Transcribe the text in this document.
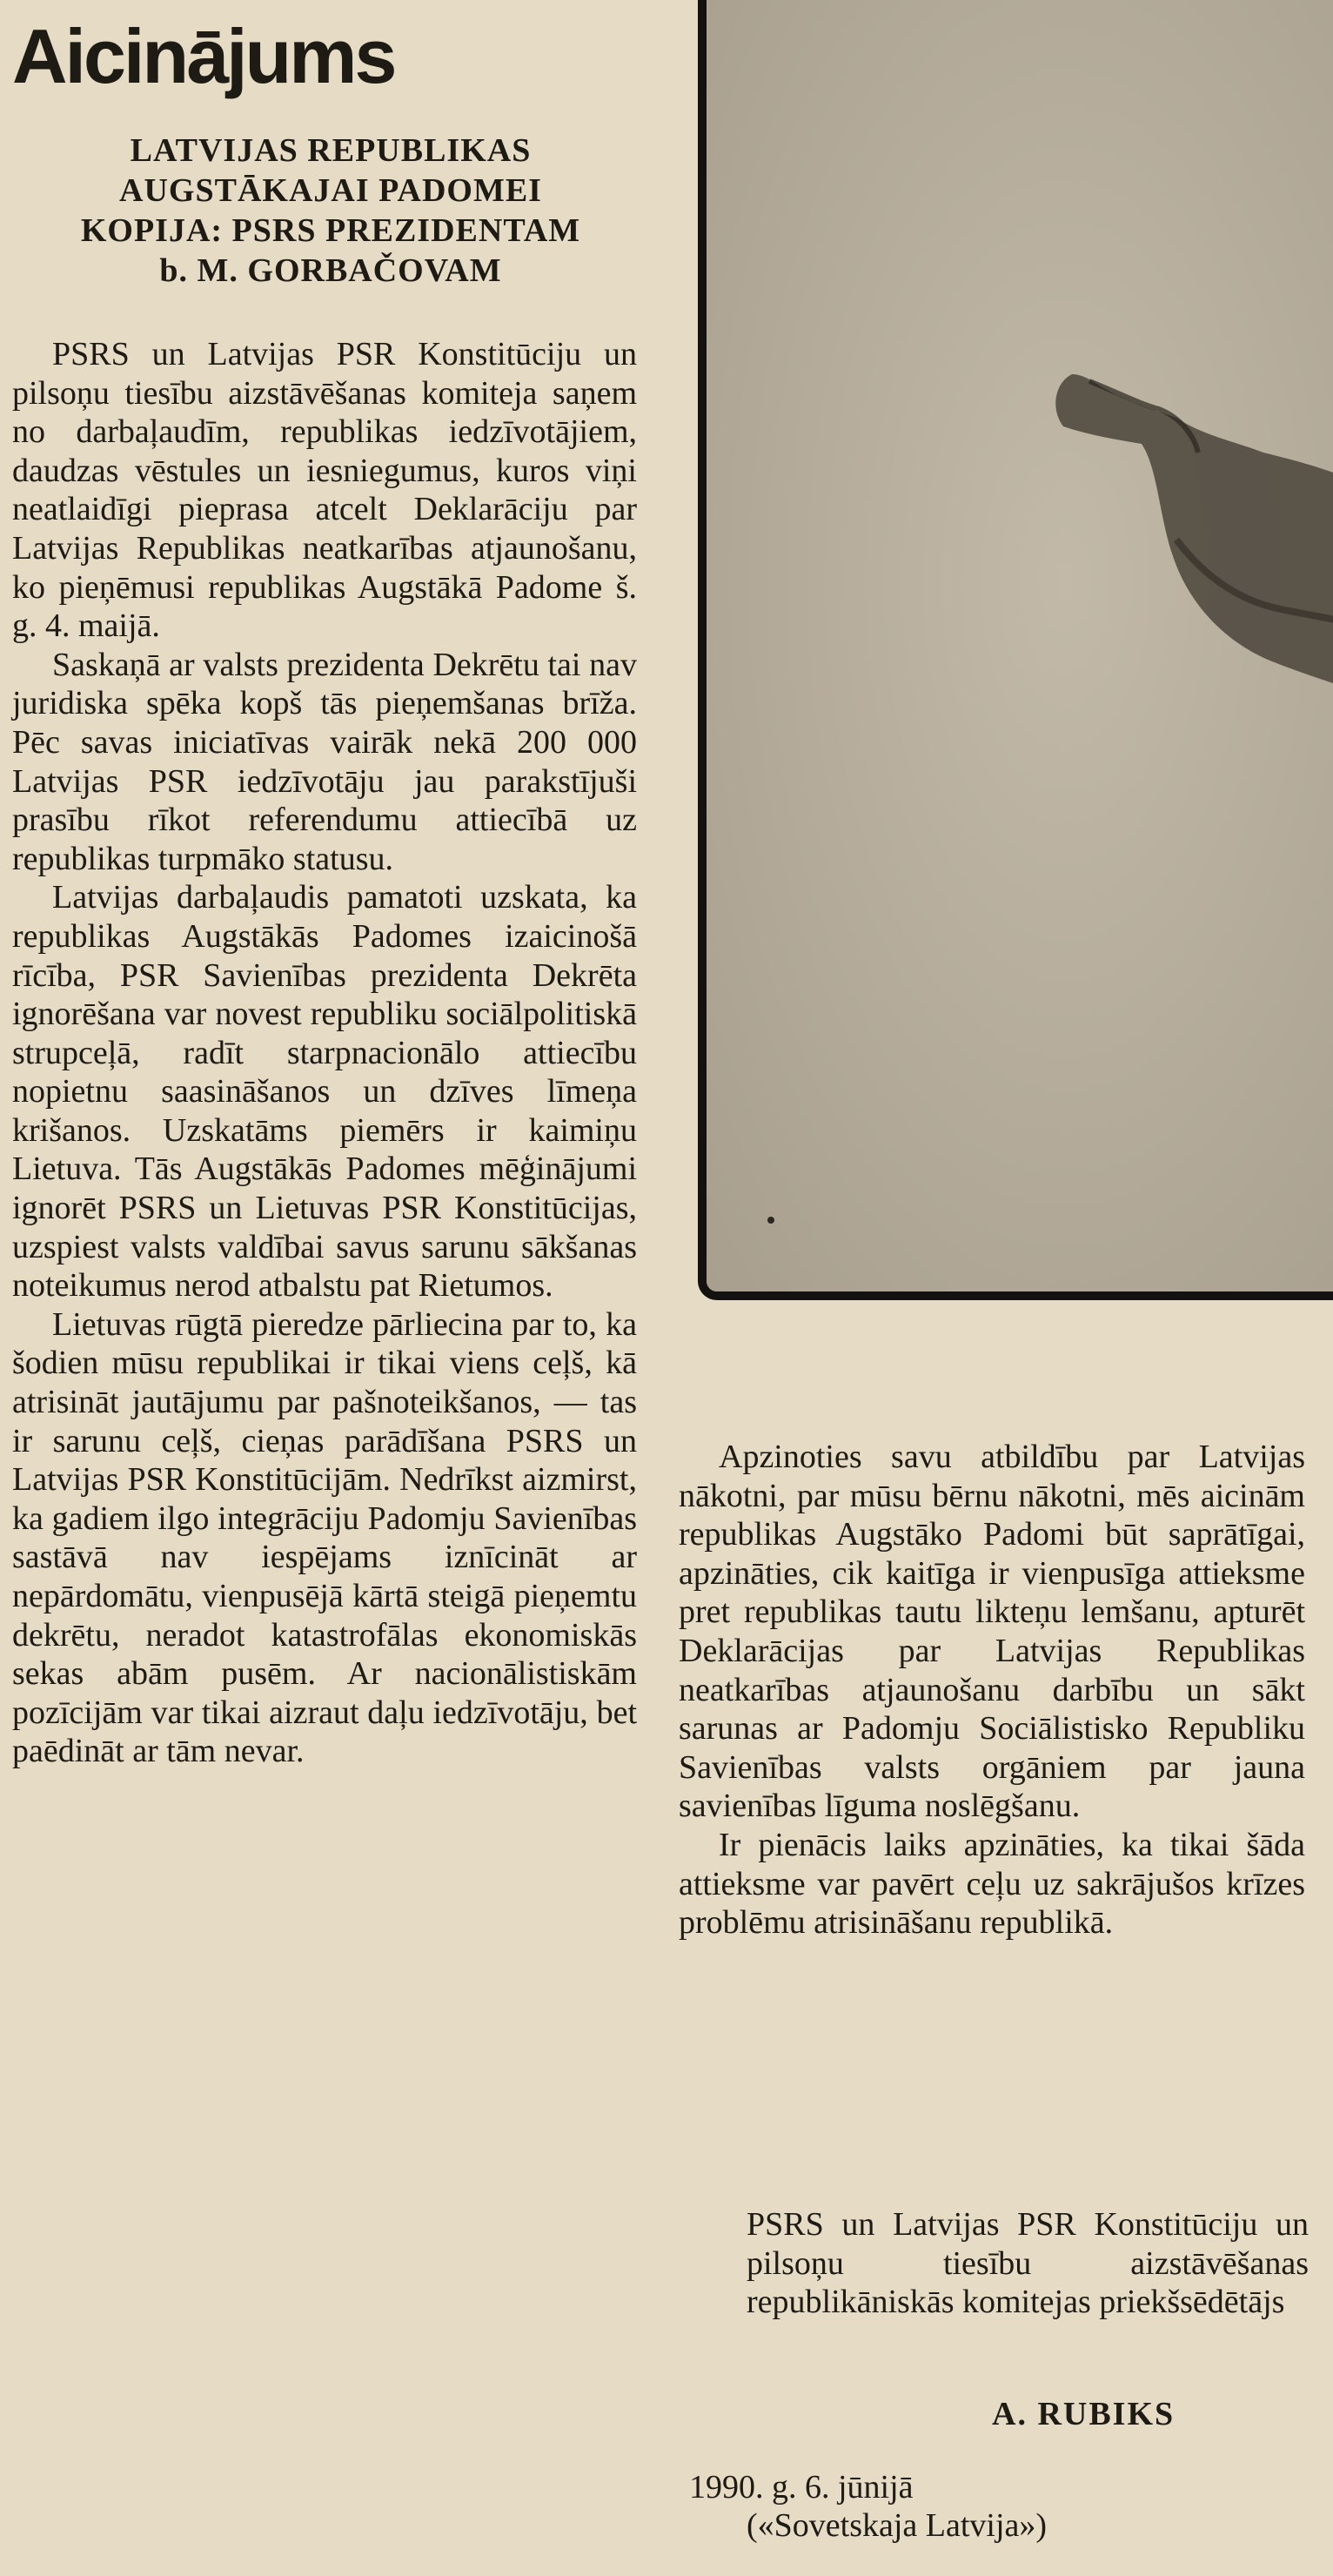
Aicinājums
LATVIJAS REPUBLIKAS
AUGSTĀKAJAI PADOMEI
KOPIJA: PSRS PREZIDENTAM
b. M. GORBAČOVAM

PSRS un Latvijas PSR Konstitūciju un pilsoņu tiesību aizstāvēšanas komiteja saņem no darbaļaudīm, republikas iedzīvotājiem, daudzas vēstules un iesniegumus, kuros viņi neatlaidīgi pieprasa atcelt Deklarāciju par Latvijas Republikas neatkarības atjaunošanu, ko pieņēmusi republikas Augstākā Padome š. g. 4. maijā.

Saskaņā ar valsts prezidenta Dekrētu tai nav juridiska spēka kopš tās pieņemšanas brīža. Pēc savas iniciatīvas vairāk nekā 200 000 Latvijas PSR iedzīvotāju jau parakstījuši prasību rīkot referendumu attiecībā uz republikas turpmāko statusu.

Latvijas darbaļaudis pamatoti uzskata, ka republikas Augstākās Padomes izaicinošā rīcība, PSR Savienības prezidenta Dekrēta ignorēšana var novest republiku sociālpolitiskā strupceļā, radīt starpnacionālo attiecību nopietnu saasināšanos un dzīves līmeņa krišanos. Uzskatāms piemērs ir kaimiņu Lietuva. Tās Augstākās Padomes mēģinājumi ignorēt PSRS un Lietuvas PSR Konstitūcijas, uzspiest valsts valdībai savus sarunu sākšanas noteikumus nerod atbalstu pat Rietumos.

Lietuvas rūgtā pieredze pārliecina par to, ka šodien mūsu republikai ir tikai viens ceļš, kā atrisināt jautājumu par pašnoteikšanos, — tas ir sarunu ceļš, cieņas parādīšana PSRS un Latvijas PSR Konstitūcijām. Nedrīkst aizmirst, ka gadiem ilgo integrāciju Padomju Savienības sastāvā nav iespējams iznīcināt ar nepārdomātu, vienpusējā kārtā steigā pieņemtu dekrētu, neradot katastrofālas ekonomiskās sekas abām pusēm. Ar nacionālistiskām pozīcijām var tikai aizraut daļu iedzīvotāju, bet paēdināt ar tām nevar.

Apzinoties savu atbildību par Latvijas nākotni, par mūsu bērnu nākotni, mēs aicinām republikas Augstāko Padomi būt saprātīgai, apzināties, cik kaitīga ir vienpusīga attieksme pret republikas tautu likteņu lemšanu, apturēt Deklarācijas par Latvijas Republikas neatkarības atjaunošanu darbību un sākt sarunas ar Padomju Sociālistisko Republiku Savienības valsts orgāniem par jauna savienības līguma noslēgšanu.

Ir pienācis laiks apzināties, ka tikai šāda attieksme var pavērt ceļu uz sakrājušos krīzes problēmu atrisināšanu republikā.

PSRS un Latvijas PSR Konstitūciju un pilsoņu tiesību aizstāvēšanas republikāniskās komitejas priekšsēdētājs

A. RUBIKS
1990. g. 6. jūnijā
(«Sovetskaja Latvija»)
